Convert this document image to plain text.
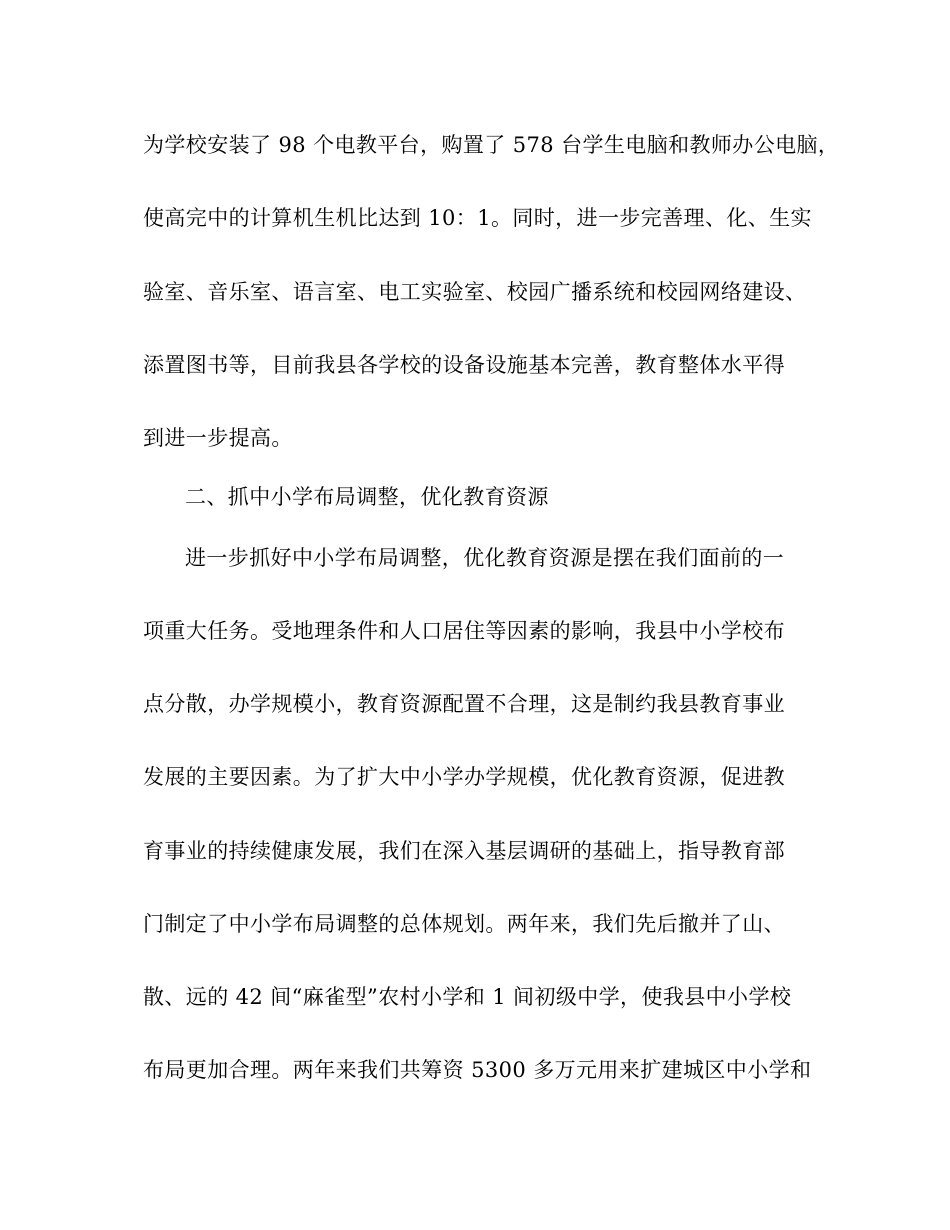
为学校安装了 98 个电教平台，购置了 578 台学生电脑和教师办公电脑，
使高完中的计算机生机比达到 10：1。同时，进一步完善理、化、生实
验室、音乐室、语言室、电工实验室、校园广播系统和校园网络建设、
添置图书等，目前我县各学校的设备设施基本完善，教育整体水平得
到进一步提高。
二、抓中小学布局调整，优化教育资源
进一步抓好中小学布局调整，优化教育资源是摆在我们面前的一
项重大任务。受地理条件和人口居住等因素的影响，我县中小学校布
点分散，办学规模小，教育资源配置不合理，这是制约我县教育事业
发展的主要因素。为了扩大中小学办学规模，优化教育资源，促进教
育事业的持续健康发展，我们在深入基层调研的基础上，指导教育部
门制定了中小学布局调整的总体规划。两年来，我们先后撤并了山、
散、远的 42 间“麻雀型”农村小学和 1 间初级中学，使我县中小学校
布局更加合理。两年来我们共筹资 5300 多万元用来扩建城区中小学和
